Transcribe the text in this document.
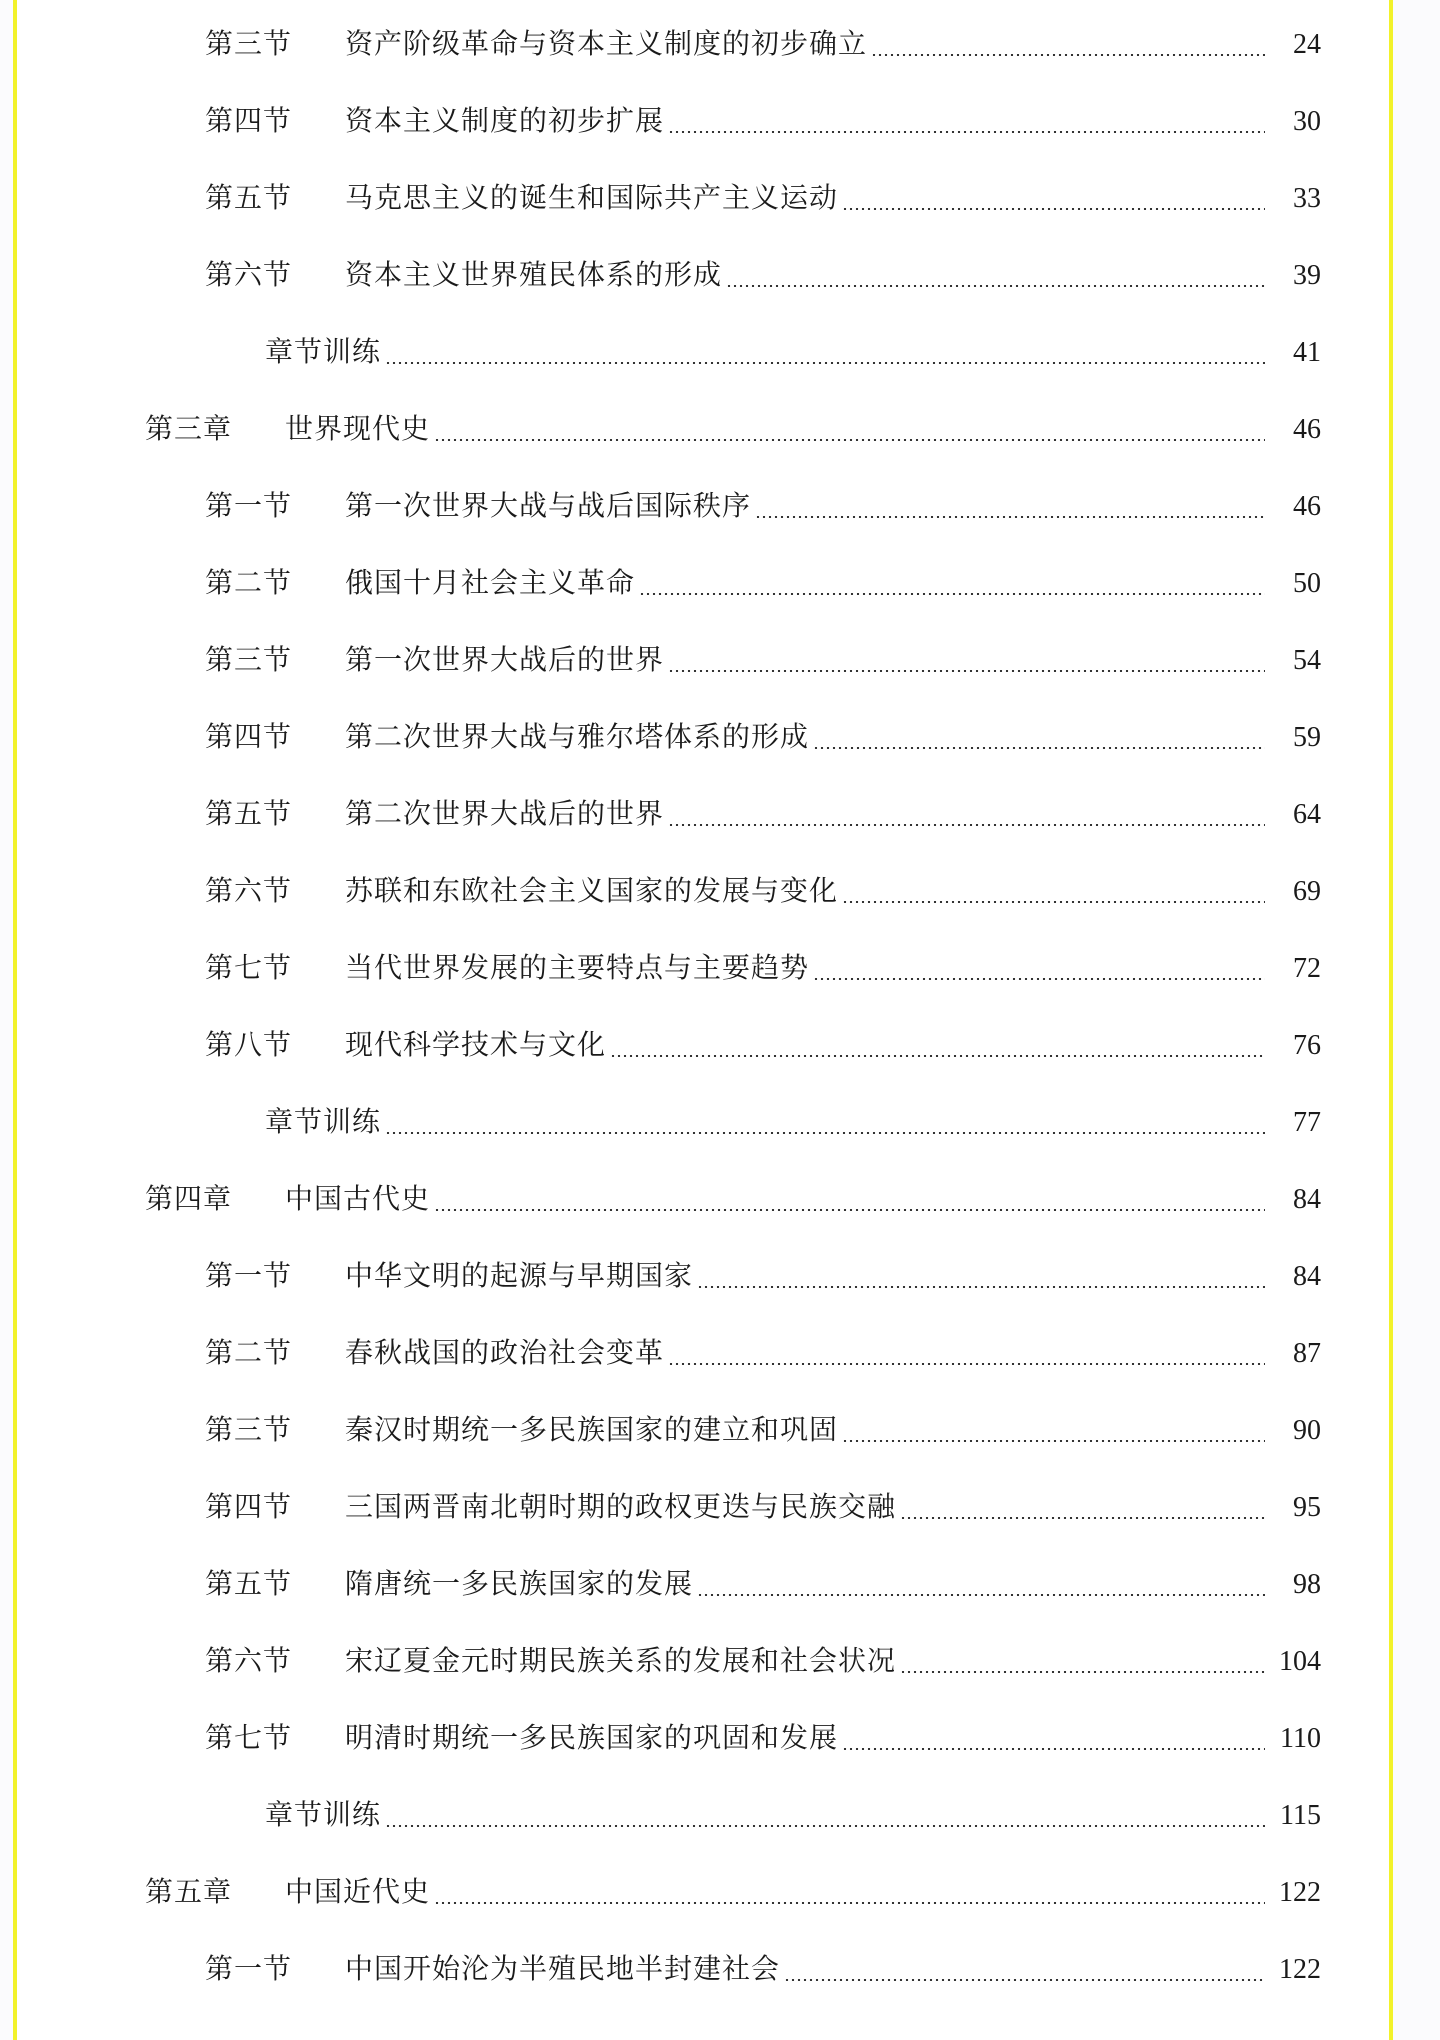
第三节	资产阶级革命与资本主义制度的初步确立	24
第四节	资本主义制度的初步扩展	30
第五节	马克思主义的诞生和国际共产主义运动	33
第六节	资本主义世界殖民体系的形成	39
章节训练	41
第三章	世界现代史	46
第一节	第一次世界大战与战后国际秩序	46
第二节	俄国十月社会主义革命	50
第三节	第一次世界大战后的世界	54
第四节	第二次世界大战与雅尔塔体系的形成	59
第五节	第二次世界大战后的世界	64
第六节	苏联和东欧社会主义国家的发展与变化	69
第七节	当代世界发展的主要特点与主要趋势	72
第八节	现代科学技术与文化	76
章节训练	77
第四章	中国古代史	84
第一节	中华文明的起源与早期国家	84
第二节	春秋战国的政治社会变革	87
第三节	秦汉时期统一多民族国家的建立和巩固	90
第四节	三国两晋南北朝时期的政权更迭与民族交融	95
第五节	隋唐统一多民族国家的发展	98
第六节	宋辽夏金元时期民族关系的发展和社会状况	104
第七节	明清时期统一多民族国家的巩固和发展	110
章节训练	115
第五章	中国近代史	122
第一节	中国开始沦为半殖民地半封建社会	122
